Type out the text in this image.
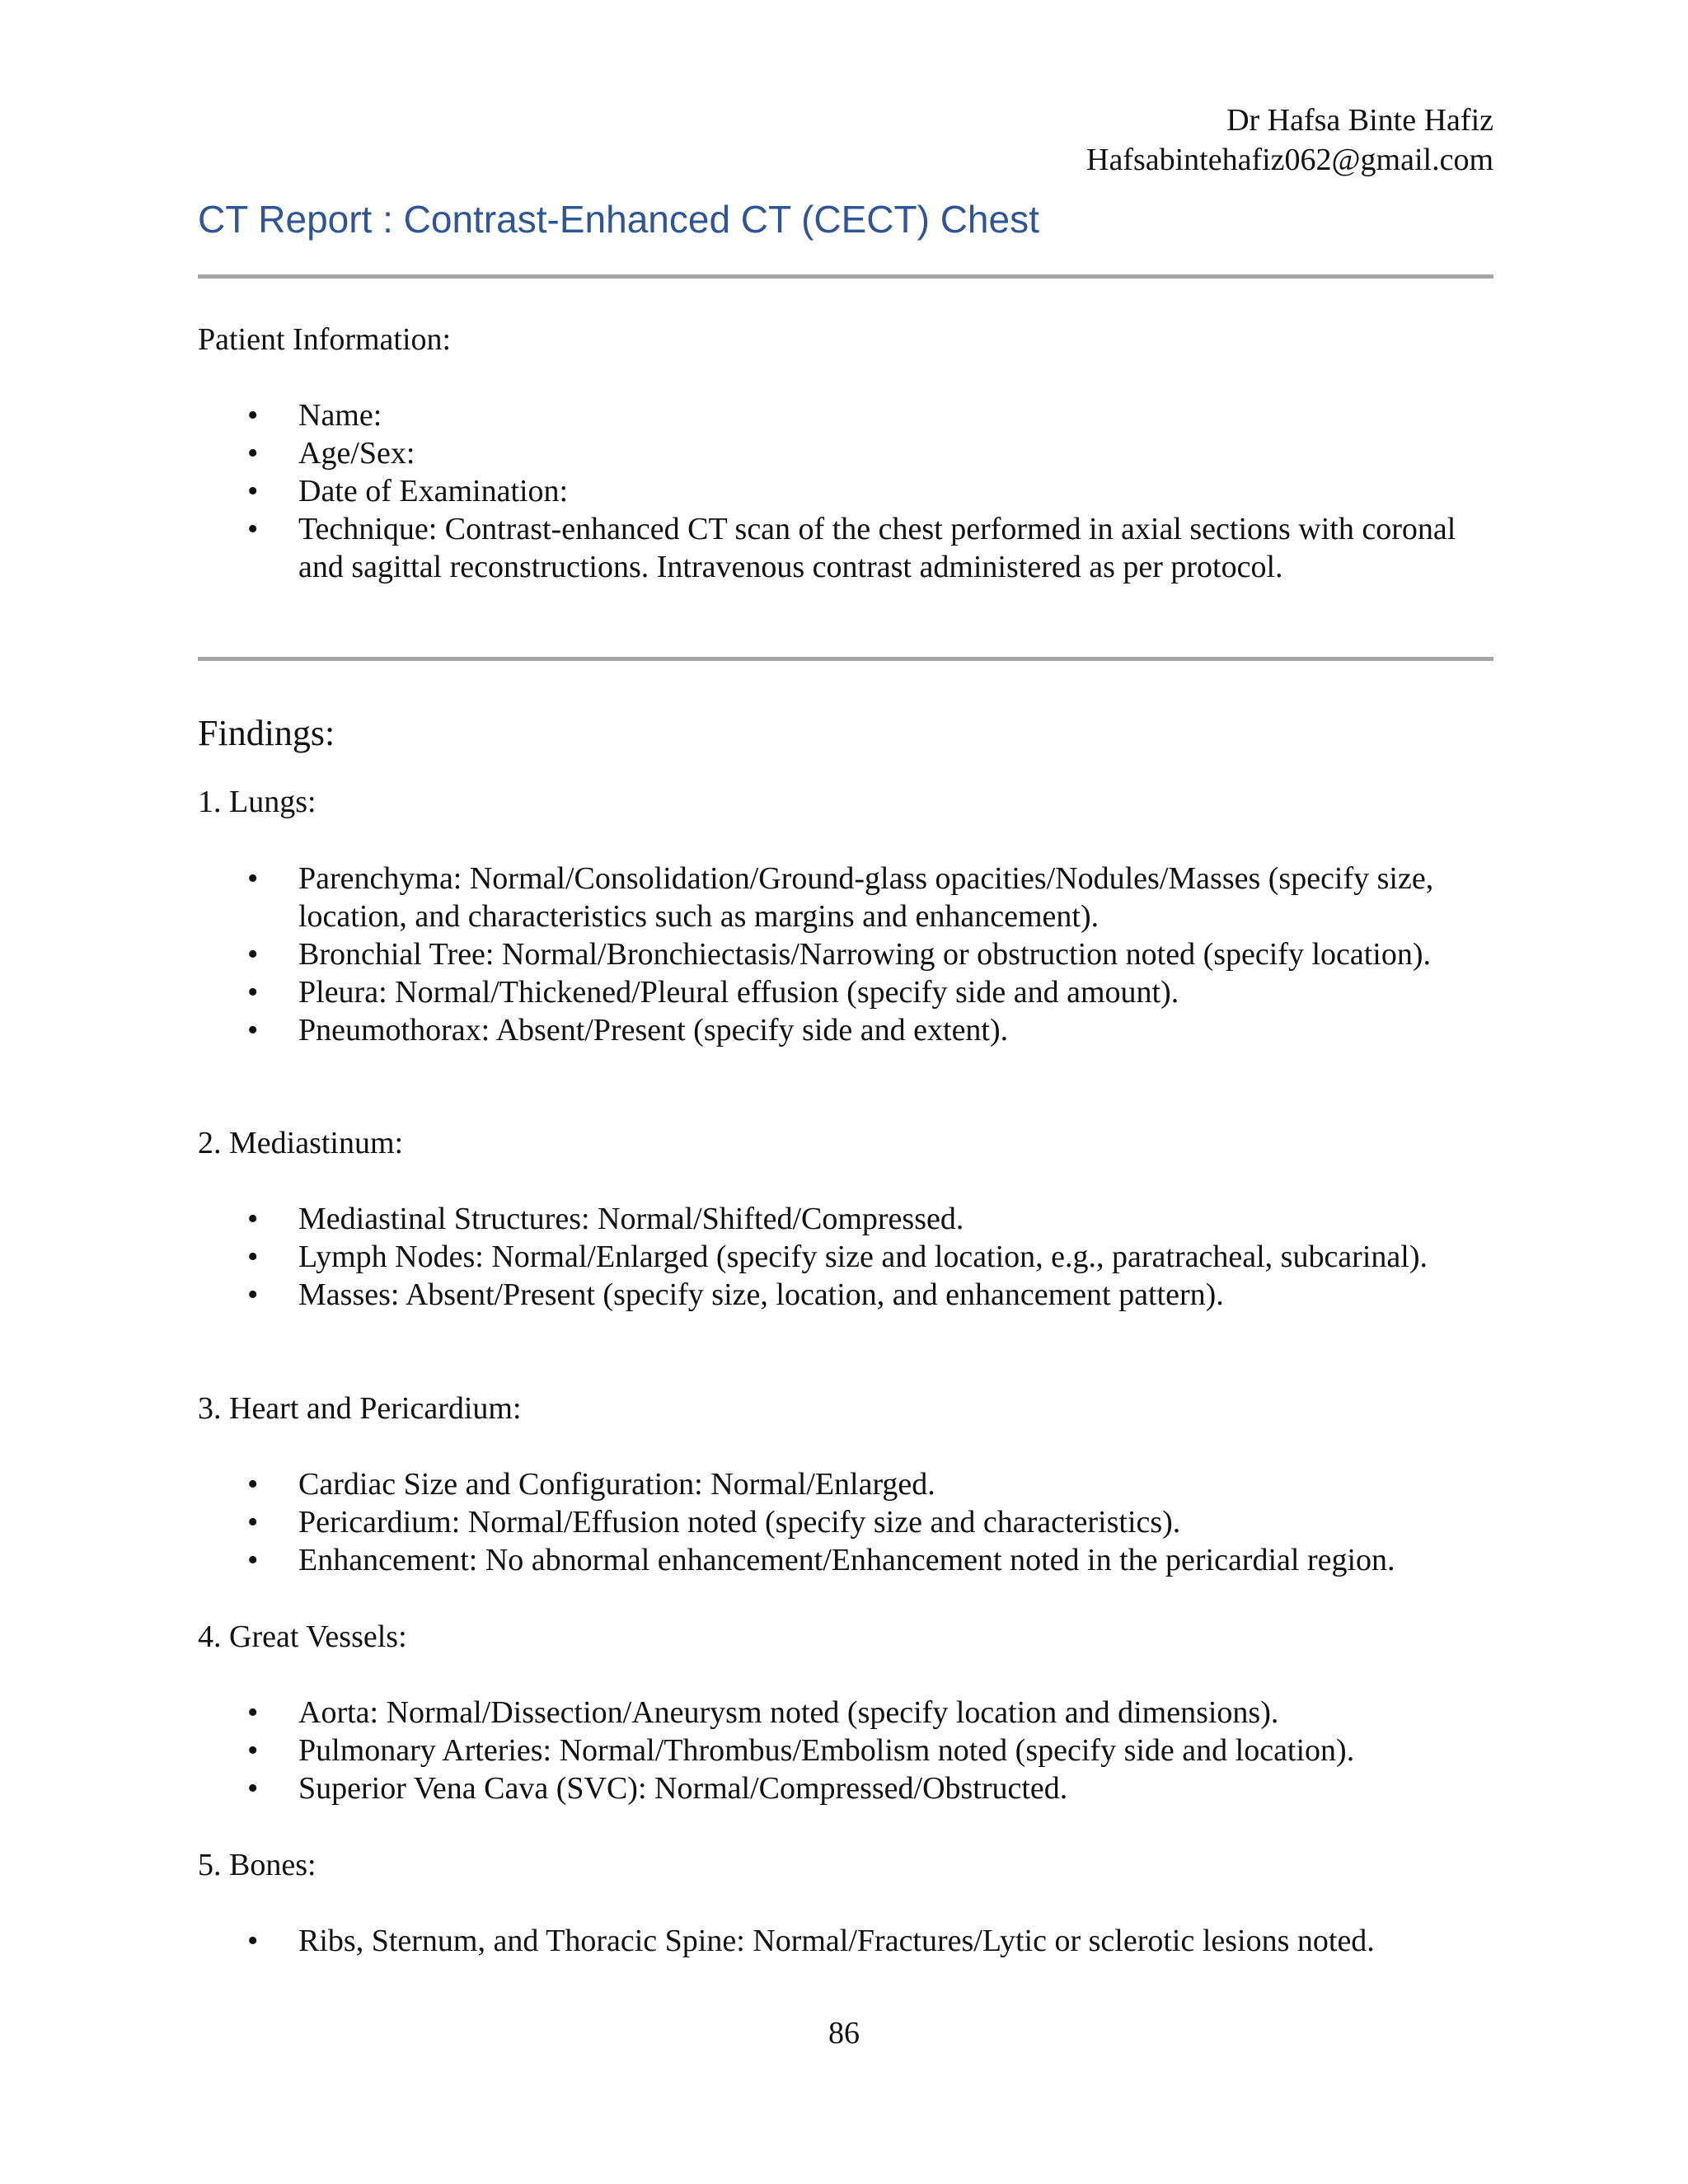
Dr Hafsa Binte Hafiz
Hafsabintehafiz062@gmail.com
CT Report : Contrast-Enhanced CT (CECT) Chest

Patient Information:

• Name:
• Age/Sex:
• Date of Examination:
• Technique: Contrast-enhanced CT scan of the chest performed in axial sections with coronal and sagittal reconstructions. Intravenous contrast administered as per protocol.
Findings:

1. Lungs:

• Parenchyma: Normal/Consolidation/Ground-glass opacities/Nodules/Masses (specify size, location, and characteristics such as margins and enhancement).
• Bronchial Tree: Normal/Bronchiectasis/Narrowing or obstruction noted (specify location).
• Pleura: Normal/Thickened/Pleural effusion (specify side and amount).
• Pneumothorax: Absent/Present (specify side and extent).

2. Mediastinum:

• Mediastinal Structures: Normal/Shifted/Compressed.
• Lymph Nodes: Normal/Enlarged (specify size and location, e.g., paratracheal, subcarinal).
• Masses: Absent/Present (specify size, location, and enhancement pattern).

3. Heart and Pericardium:

• Cardiac Size and Configuration: Normal/Enlarged.
• Pericardium: Normal/Effusion noted (specify size and characteristics).
• Enhancement: No abnormal enhancement/Enhancement noted in the pericardial region.

4. Great Vessels:

• Aorta: Normal/Dissection/Aneurysm noted (specify location and dimensions).
• Pulmonary Arteries: Normal/Thrombus/Embolism noted (specify side and location).
• Superior Vena Cava (SVC): Normal/Compressed/Obstructed.

5. Bones:

• Ribs, Sternum, and Thoracic Spine: Normal/Fractures/Lytic or sclerotic lesions noted.
86
